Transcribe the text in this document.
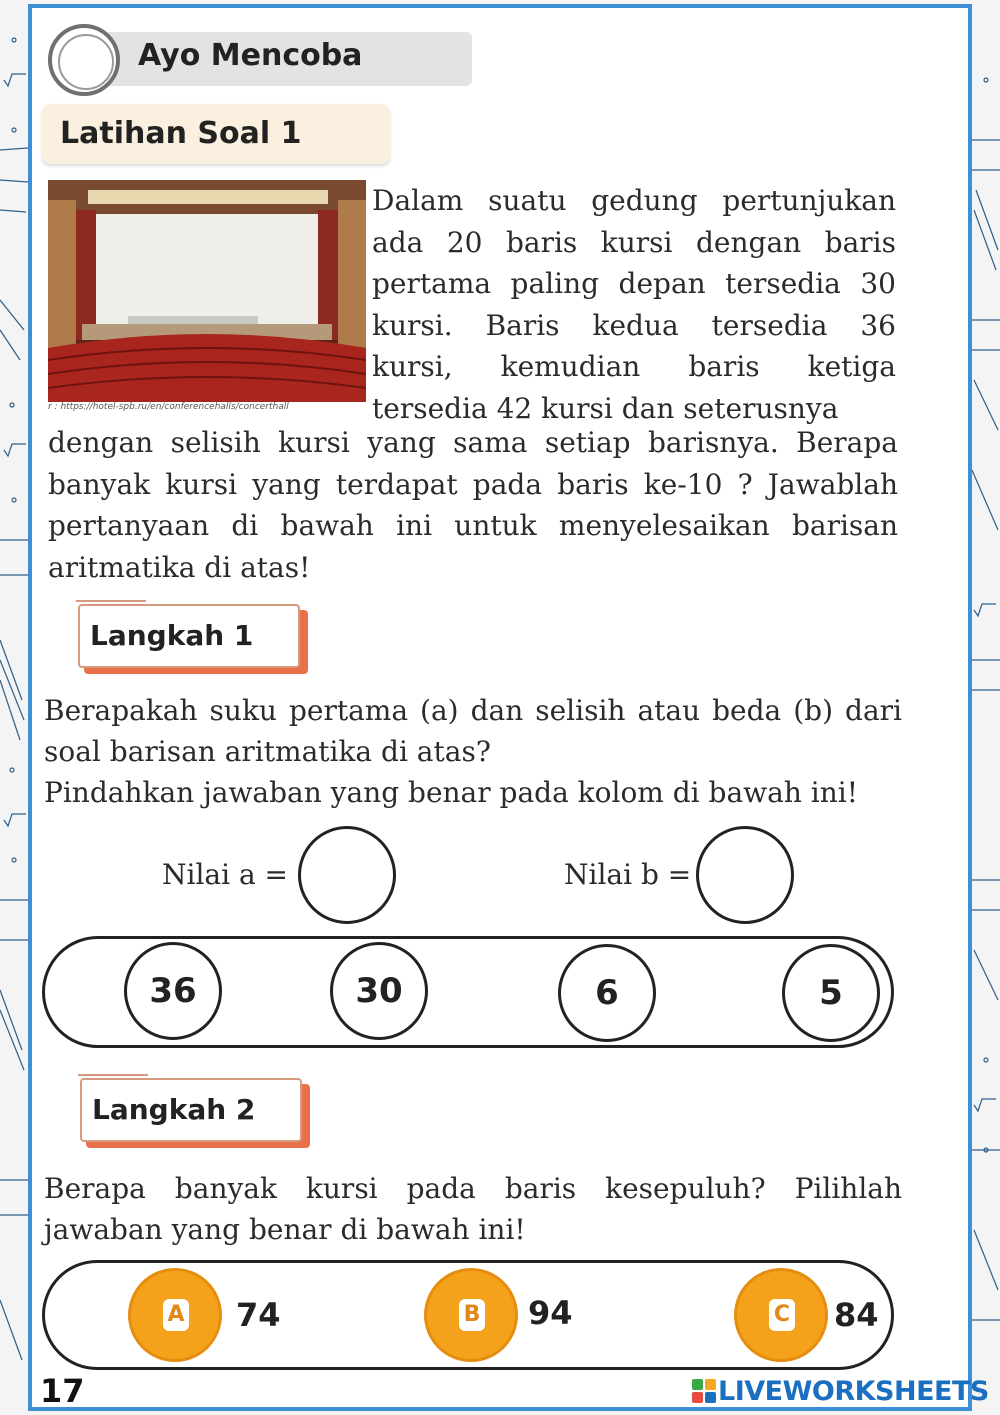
Ayo Mencoba
Latihan Soal 1
r : https://hotel-spb.ru/en/conferencehalls/concerthall
Dalam suatu gedung pertunjukan
ada 20 baris kursi dengan baris
pertama paling depan tersedia 30
kursi. Baris kedua tersedia 36
kursi, kemudian baris ketiga
tersedia 42 kursi dan seterusnya
dengan selisih kursi yang sama setiap barisnya. Berapa
banyak kursi yang terdapat pada baris ke-10 ? Jawablah
pertanyaan di bawah ini untuk menyelesaikan barisan
aritmatika di atas!
Langkah 1
Berapakah suku pertama (a) dan selisih atau beda (b) dari
soal barisan aritmatika di atas?
Pindahkan jawaban yang benar pada kolom di bawah ini!
Nilai a =	Nilai b =
36	30	6	5
Langkah 2
Berapa banyak kursi pada baris kesepuluh? Pilihlah
jawaban yang benar di bawah ini!
A 74	B 94	C 84
17	LIVEWORKSHEETS
